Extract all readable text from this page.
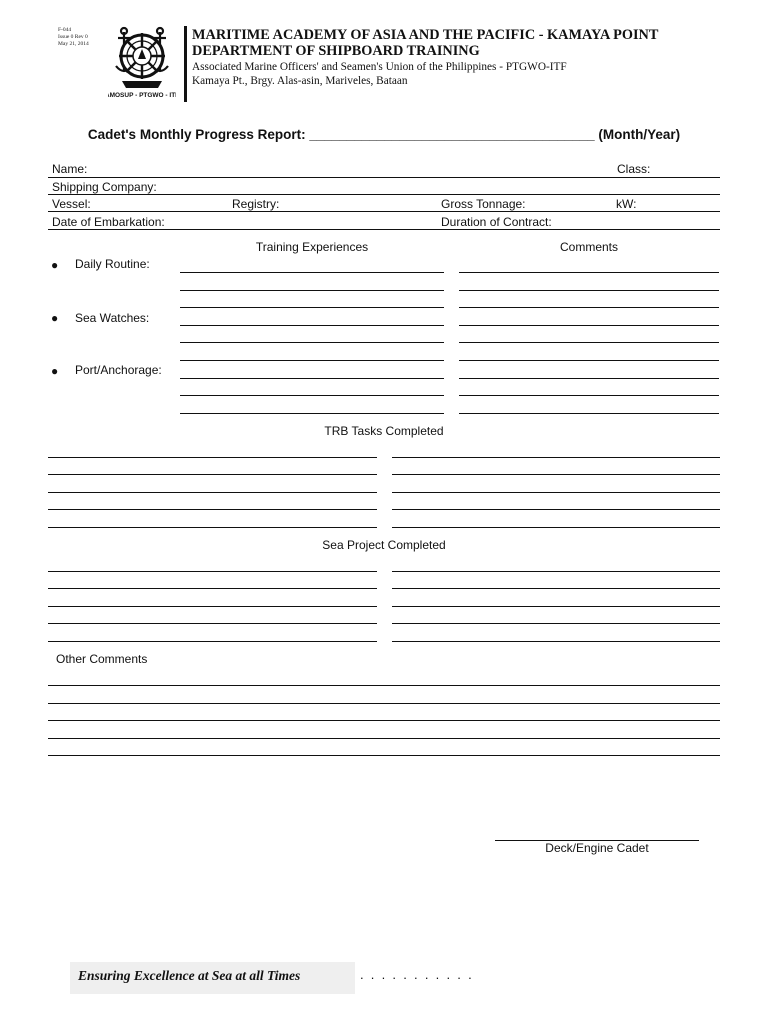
F-044
Issue 0 Rev 0
May 21, 2014
AMOSUP - PTGWO - ITF
MARITIME ACADEMY OF ASIA AND THE PACIFIC - KAMAYA POINT
DEPARTMENT OF SHIPBOARD TRAINING
Associated Marine Officers' and Seamen's Union of the Philippines - PTGWO-ITF
Kamaya Pt., Brgy. Alas-asin, Mariveles, Bataan
Cadet's Monthly Progress Report: ______________________________________ (Month/Year)
Name:	Class:
Shipping Company:
Vessel:	Registry:	Gross Tonnage:	kW:
Date of Embarkation:	Duration of Contract:
Training Experiences	Comments
● Daily Routine:
● Sea Watches:
● Port/Anchorage:
TRB Tasks Completed
Sea Project Completed
Other Comments
Deck/Engine Cadet
Ensuring Excellence at Sea at all Times	...........
